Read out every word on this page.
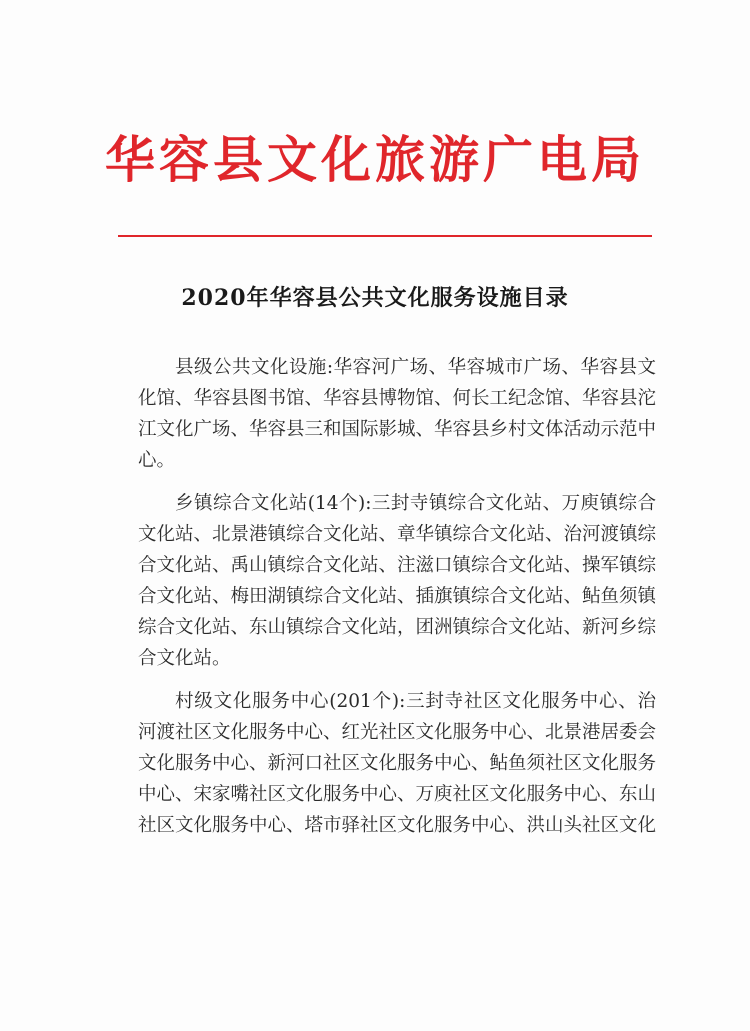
华容县文化旅游广电局
2020年华容县公共文化服务设施目录

县级公共文化设施:华容河广场、华容城市广场、华容县文化馆、华容县图书馆、华容县博物馆、何长工纪念馆、华容县沱江文化广场、华容县三和国际影城、华容县乡村文体活动示范中心。

乡镇综合文化站(14个):三封寺镇综合文化站、万庾镇综合文化站、北景港镇综合文化站、章华镇综合文化站、治河渡镇综合文化站、禹山镇综合文化站、注滋口镇综合文化站、操军镇综合文化站、梅田湖镇综合文化站、插旗镇综合文化站、鲇鱼须镇综合文化站、东山镇综合文化站，团洲镇综合文化站、新河乡综合文化站。

村级文化服务中心(201个):三封寺社区文化服务中心、治河渡社区文化服务中心、红光社区文化服务中心、北景港居委会文化服务中心、新河口社区文化服务中心、鲇鱼须社区文化服务中心、宋家嘴社区文化服务中心、万庾社区文化服务中心、东山社区文化服务中心、塔市驿社区文化服务中心、洪山头社区文化
